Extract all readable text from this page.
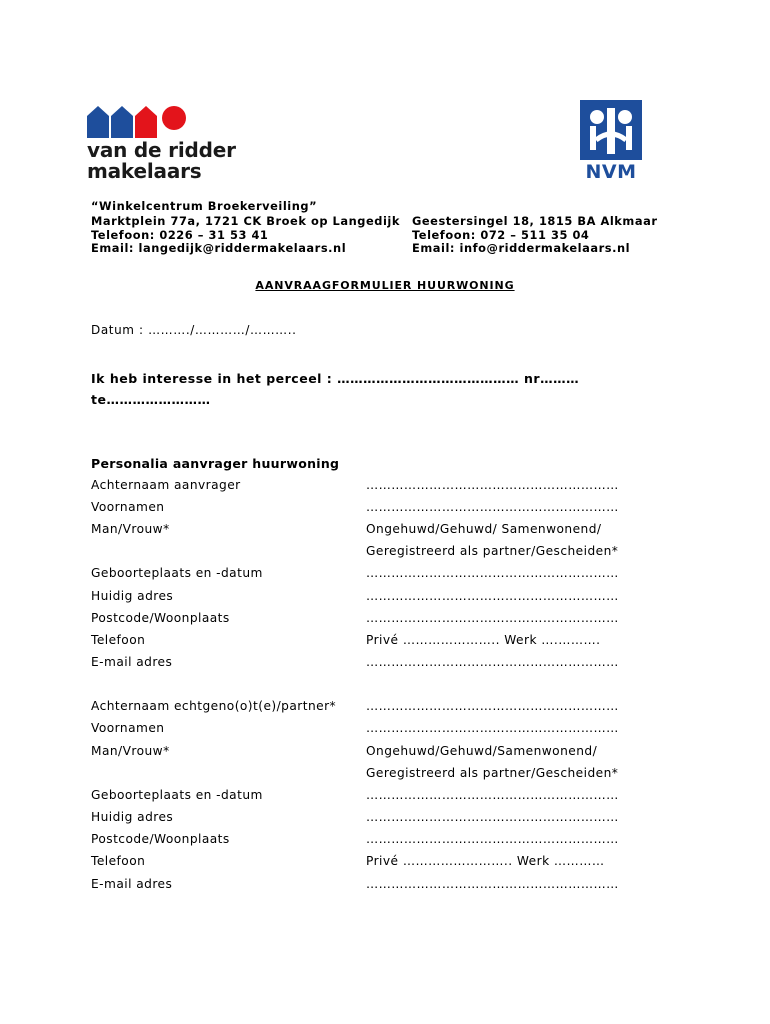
van de ridder
makelaars	NVM
“Winkelcentrum Broekerveiling”
Marktplein 77a, 1721 CK Broek op Langedijk
Telefoon: 0226 – 31 53 41
Email: langedijk@riddermakelaars.nl
Geestersingel 18, 1815 BA Alkmaar
Telefoon: 072 – 511 35 04
Email: info@riddermakelaars.nl
AANVRAAGFORMULIER HUURWONING
Datum : ………./…………/………..
Ik heb interesse in het perceel : …………………………………… nr………
te……………………
Personalia aanvrager huurwoning
Achternaam aanvrager	……………………………………………………
Voornamen	……………………………………………………
Man/Vrouw*	Ongehuwd/Gehuwd/ Samenwonend/
Geregistreerd als partner/Gescheiden*
Geboorteplaats en -datum	……………………………………………………
Huidig adres	……………………………………………………
Postcode/Woonplaats	……………………………………………………
Telefoon	Privé ………………….. Werk ….……….
E-mail adres	……………………………………………………
Achternaam echtgeno(o)t(e)/partner* ……………………………………………………
Voornamen	……………………………………………………
Man/Vrouw*	Ongehuwd/Gehuwd/Samenwonend/
Geregistreerd als partner/Gescheiden*
Geboorteplaats en -datum	……………………………………………………
Huidig adres	……………………………………………………
Postcode/Woonplaats	……………………………………………………
Telefoon	Privé …………………….. Werk …………
E-mail adres	……………………………………………………
